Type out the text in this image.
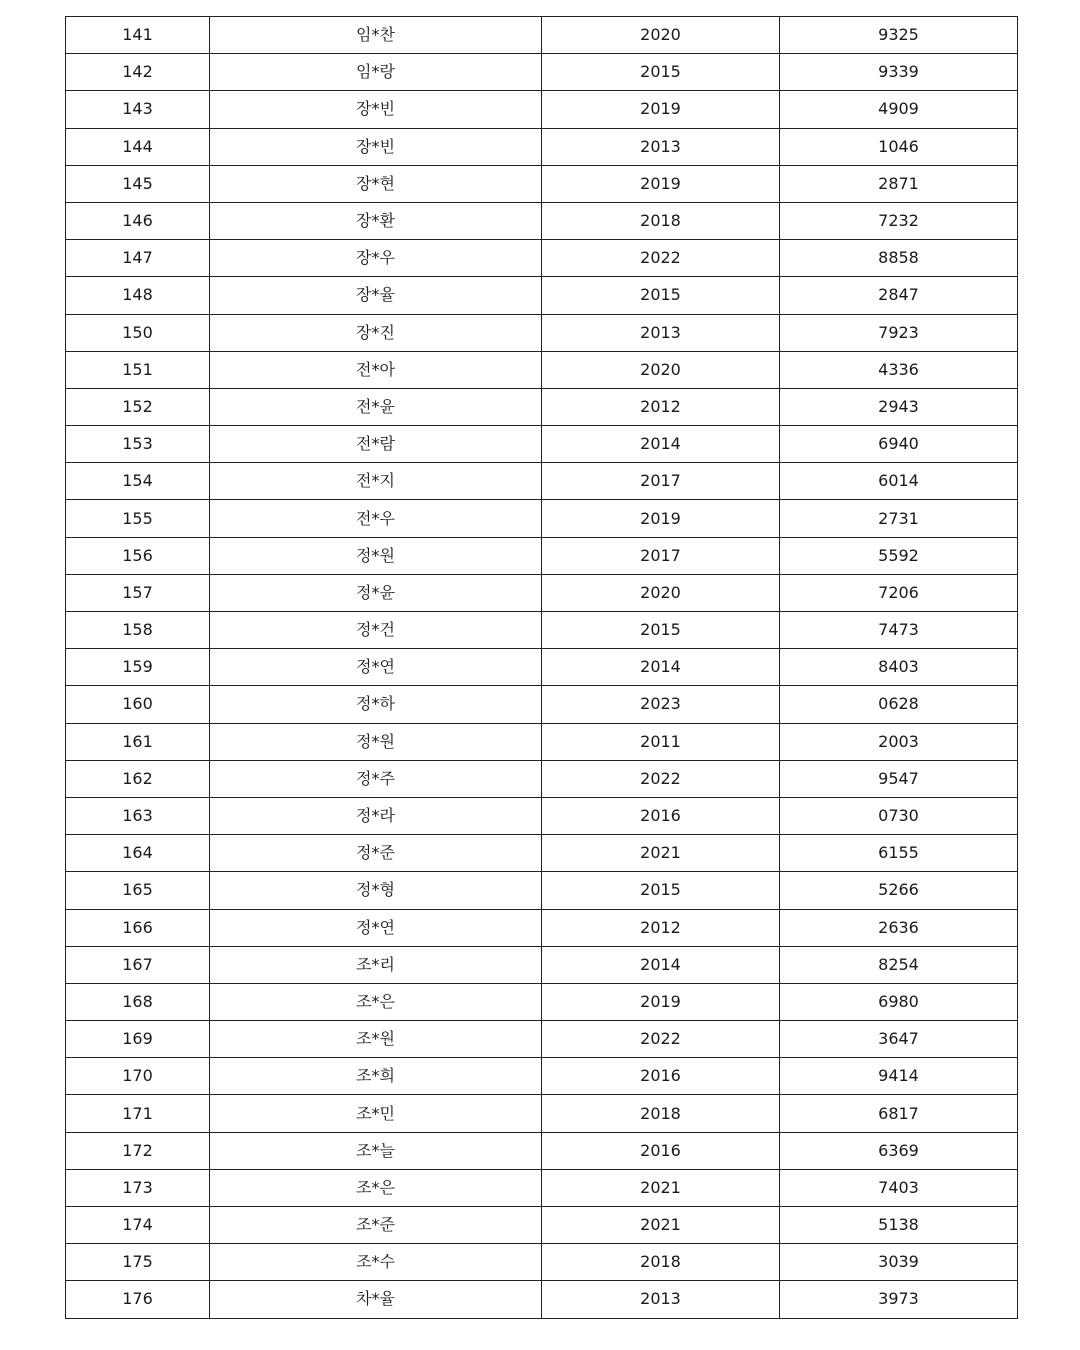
141	임*찬	2020	9325
142	임*랑	2015	9339
143	장*빈	2019	4909
144	장*빈	2013	1046
145	장*현	2019	2871
146	장*환	2018	7232
147	장*우	2022	8858
148	장*율	2015	2847
150	장*진	2013	7923
151	전*아	2020	4336
152	전*윤	2012	2943
153	전*람	2014	6940
154	전*지	2017	6014
155	전*우	2019	2731
156	정*원	2017	5592
157	정*윤	2020	7206
158	정*건	2015	7473
159	정*연	2014	8403
160	정*하	2023	0628
161	정*원	2011	2003
162	정*주	2022	9547
163	정*라	2016	0730
164	정*준	2021	6155
165	정*형	2015	5266
166	정*연	2012	2636
167	조*리	2014	8254
168	조*은	2019	6980
169	조*원	2022	3647
170	조*희	2016	9414
171	조*민	2018	6817
172	조*늘	2016	6369
173	조*은	2021	7403
174	조*준	2021	5138
175	조*수	2018	3039
176	차*율	2013	3973
